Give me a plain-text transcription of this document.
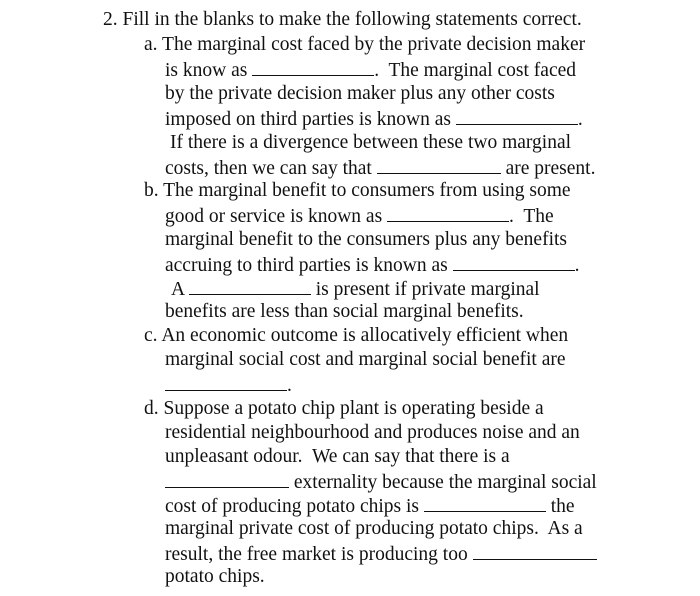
2. Fill in the blanks to make the following statements correct.
a. The marginal cost faced by the private decision maker
is know as	.  The marginal cost faced
by the private decision maker plus any other costs
imposed on third parties is known as	.
If there is a divergence between these two marginal
costs, then we can say that	are present.
b. The marginal benefit to consumers from using some
good or service is known as	.  The
marginal benefit to the consumers plus any benefits
accruing to third parties is known as	.
A	is present if private marginal
benefits are less than social marginal benefits.
c. An economic outcome is allocatively efficient when
marginal social cost and marginal social benefit are
.
d. Suppose a potato chip plant is operating beside a
residential neighbourhood and produces noise and an
unpleasant odour.  We can say that there is a
externality because the marginal social
cost of producing potato chips is	the
marginal private cost of producing potato chips.  As a
result, the free market is producing too
potato chips.
